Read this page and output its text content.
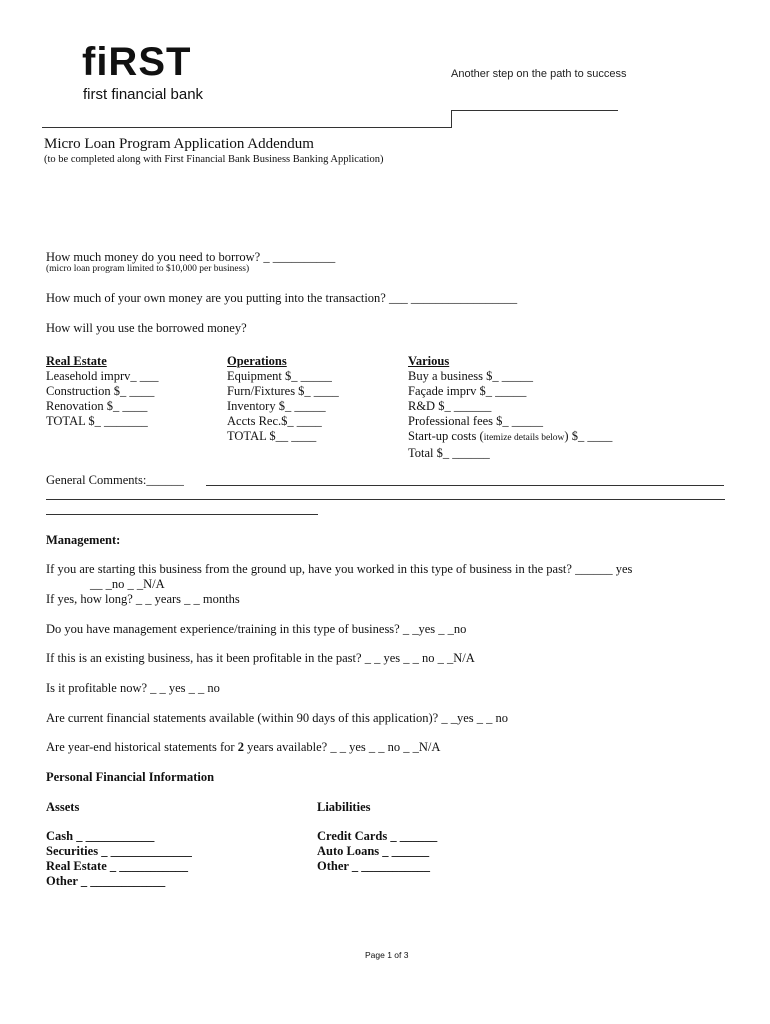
fiRST
first financial bank
Another step on the path to success
Micro Loan Program Application Addendum
(to be completed along with First Financial Bank Business Banking Application)
How much money do you need to borrow? _ __________
(micro loan program limited to $10,000 per business)
How much of your own money are you putting into the transaction? ___ _________________
How will you use the borrowed money?
Real Estate
Leasehold imprv_ ___
Construction $_ ____
Renovation $_ ____
TOTAL $_ _______
Operations
Equipment $_ _____
Furn/Fixtures $_ ____
Inventory $_ _____
Accts Rec.$_ ____
TOTAL $__ ____
Various
Buy a business $_ _____
Façade imprv $_ _____
R&D $_ ______
Professional fees $_ _____
Start-up costs (itemize details below) $_ ____
Total $_ ______
General Comments:______
Management:
If you are starting this business from the ground up, have you worked in this type of business in the past? ______ yes
__ _no _ _N/A
If yes, how long? _ _ years _ _ months
Do you have management experience/training in this type of business? _ _yes _ _no
If this is an existing business, has it been profitable in the past? _ _ yes _ _ no _ _N/A
Is it profitable now? _ _ yes _ _ no
Are current financial statements available (within 90 days of this application)? _ _yes _ _ no
Are year-end historical statements for 2 years available? _ _ yes _ _ no _ _N/A
Personal Financial Information
Assets	Liabilities
Cash _ ___________
Securities _ _____________
Real Estate _ ___________
Other _ ____________
Credit Cards _ ______
Auto Loans _ ______
Other _ ___________
Page 1 of 3
